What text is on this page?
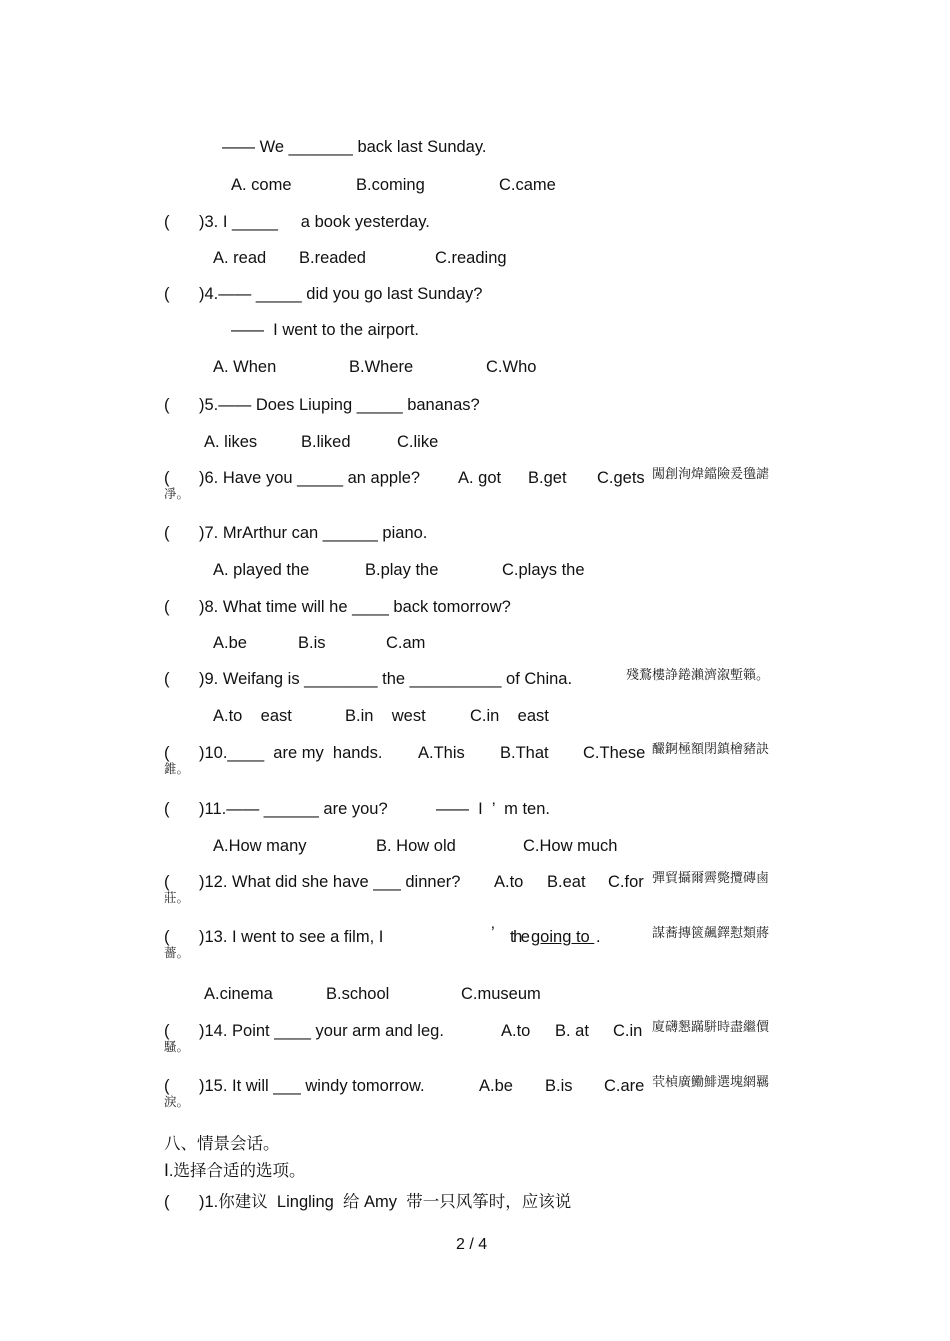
—— We _______ back last Sunday.
A. come	B.coming	C.came
( )3. I _____     a book yesterday.
A. read B.readed	C.reading
( )4.—— _____ did you go last Sunday?
——  I went to the airport.
A. When	B.Where	C.Who
( )5.—— Does Liuping _____ bananas?
A. likes	B.liked	C.like
( )6. Have you _____ an apple? A. got B.get C.gets 闖創洵煒鐺險爰氇謔
凈。
( )7. MrArthur can ______ piano.
A. played the	B.play the	C.plays the
( )8. What time will he ____ back tomorrow?
A.be	B.is	C.am
( )9. Weifang is ________ the __________ of China.	殘鶩樓諍錈瀨濟溆塹籟。
A.to    east	B.in    west	C.in    east
( )10.____  are my  hands. A.This B.That C.These 釅錒極額閉鎮檜豬訣
錐。
( )11.—— ______ are you?	——  I  ’  m ten.
A.How many	B. How old	C.How much
( )12. What did she have ___ dinner? A.to B.eat C.for 彈貿攝爾霽斃攬磚鹵
莊。
( )13. I went to see a film, I	’ the going to .	謀蕎摶篋飆鐸懟類蔣
薔。
A.cinema	B.school	C.museum
( )14. Point ____ your arm and leg.	A.to B. at C.in 廈礴懇蹣駢時盡繼價
騷。
( )15. It will ___ windy tomorrow.	A.be B.is C.are 茕楨廣鰳鯡選塊網羈
淚。
八、情景会话。
Ⅰ.选择合适的选项。
( )1.你建议  Lingling  给 Amy  带一只风筝时，应该说
2 / 4
